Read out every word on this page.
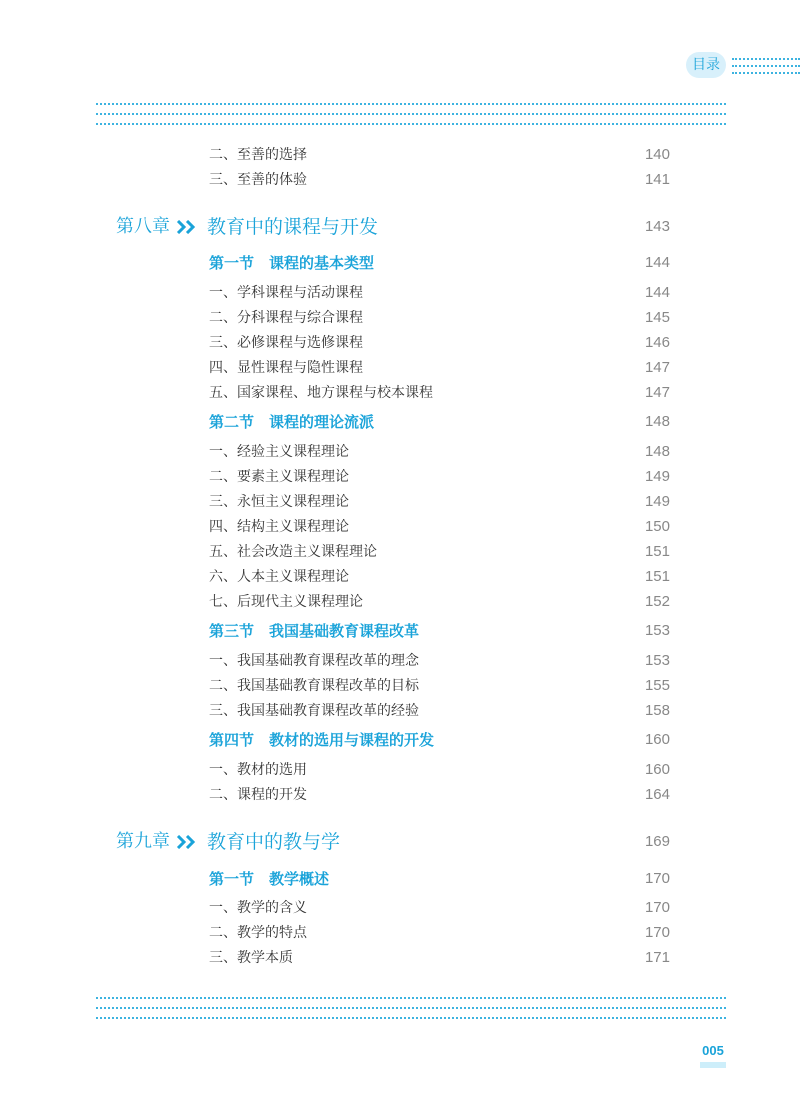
目录
二、至善的选择	140
三、至善的体验	141
第八章 教育中的课程与开发	143
第一节　课程的基本类型	144
一、学科课程与活动课程	144
二、分科课程与综合课程	145
三、必修课程与选修课程	146
四、显性课程与隐性课程	147
五、国家课程、地方课程与校本课程	147
第二节　课程的理论流派	148
一、经验主义课程理论	148
二、要素主义课程理论	149
三、永恒主义课程理论	149
四、结构主义课程理论	150
五、社会改造主义课程理论	151
六、人本主义课程理论	151
七、后现代主义课程理论	152
第三节　我国基础教育课程改革	153
一、我国基础教育课程改革的理念	153
二、我国基础教育课程改革的目标	155
三、我国基础教育课程改革的经验	158
第四节　教材的选用与课程的开发	160
一、教材的选用	160
二、课程的开发	164
第九章 教育中的教与学	169
第一节　教学概述	170
一、教学的含义	170
二、教学的特点	170
三、教学本质	171
005
